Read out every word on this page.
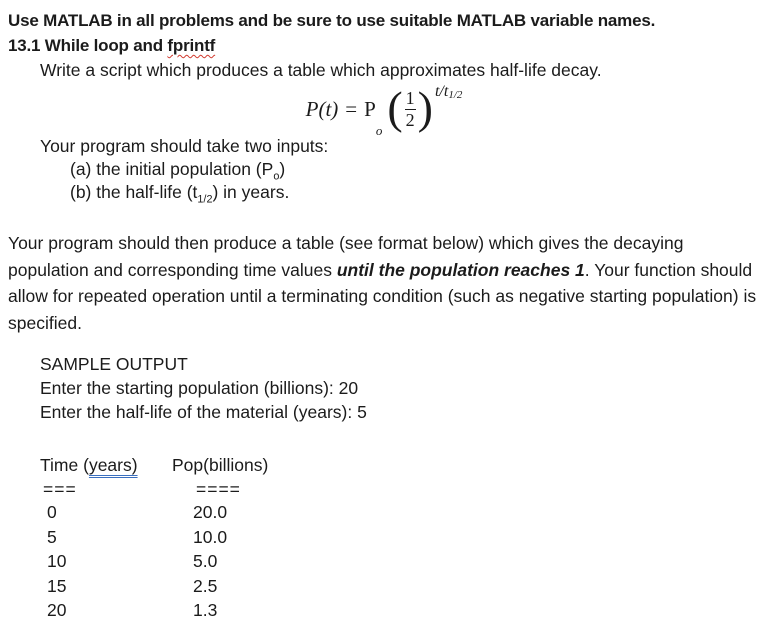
Use MATLAB in all problems and be sure to use suitable MATLAB variable names.
13.1 While loop and fprintf
Write a script which produces a table which approximates half-life decay.
P(t) = P
o ( $\frac{1}{2}$ ) t/t 1/2
Your program should take two inputs:
(a) the initial population $(P_o)$
(b) the half-life $(t_{1/2})$ in years.
Your program should then produce a table (see format below) which gives the decaying population and corresponding time values until the population reaches 1. Your function should allow for repeated operation until a terminating condition (such as negative starting population) is specified.
SAMPLE OUTPUT
Enter the starting population (billions): 20
Enter the half-life of the material (years): 5
Time (years)	Pop(billions)
===	====
0	20.0
5	10.0
10	5.0
15	2.5
20	1.3
